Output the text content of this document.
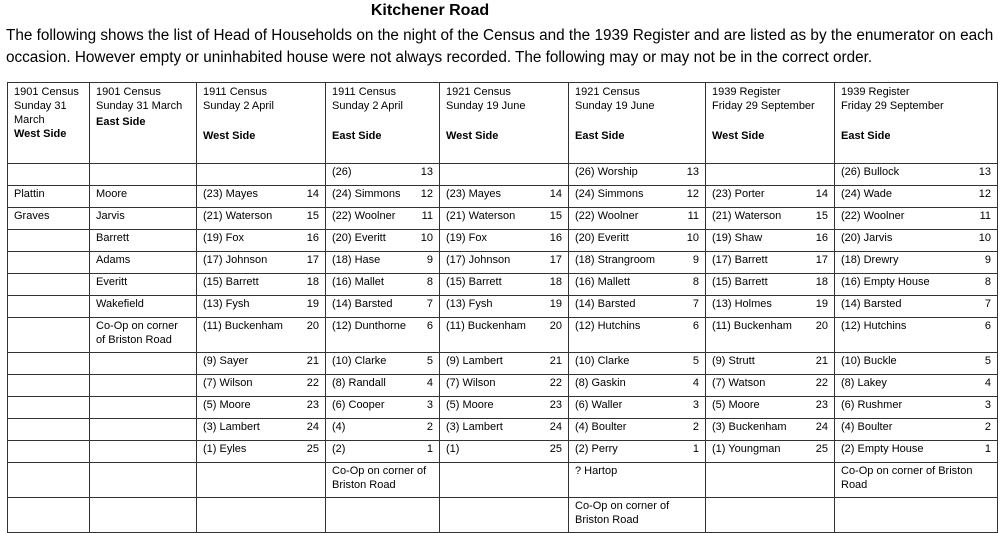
Kitchener Road
The following shows the list of Head of Households on the night of the Census and the 1939 Register and are listed as by the enumerator on each occasion. However empty or uninhabited house were not always recorded. The following may or may not be in the correct order.
1901 Census
Sunday 31
March
West Side	1901 Census
Sunday 31 March
East Side	1911 Census
Sunday 2 April
West Side	1911 Census
Sunday 2 April
East Side	1921 Census
Sunday 19 June
West Side	1921 Census
Sunday 19 June
East Side	1939 Register
Friday 29 September
West Side	1939 Register
Friday 29 September
East Side

			(26) 13		(26) Worship 13		(26) Bullock 13

Plattin	Moore	(23) Mayes 14	(24) Simmons 12	(23) Mayes 14	(24) Simmons 12	(23) Porter 14	(24) Wade 12

Graves	Jarvis	(21) Waterson 15	(22) Woolner 11	(21) Waterson 15	(22) Woolner 11	(21) Waterson 15	(22) Woolner 11

	Barrett	(19) Fox 16	(20) Everitt 10	(19) Fox 16	(20) Everitt 10	(19) Shaw 16	(20) Jarvis 10

	Adams	(17) Johnson 17	(18) Hase 9	(17) Johnson 17	(18) Strangroom 9	(17) Barrett 17	(18) Drewry 9

	Everitt	(15) Barrett 18	(16) Mallet 8	(15) Barrett 18	(16) Mallett 8	(15) Barrett 18	(16) Empty House 8

	Wakefield	(13) Fysh 19	(14) Barsted 7	(13) Fysh 19	(14) Barsted 7	(13) Holmes 19	(14) Barsted 7

	Co-Op on corner of Briston Road	(11) Buckenham 20	(12) Dunthorne 6	(11) Buckenham 20	(12) Hutchins 6	(11) Buckenham 20	(12) Hutchins 6

		(9) Sayer 21	(10) Clarke 5	(9) Lambert 21	(10) Clarke 5	(9) Strutt 21	(10) Buckle 5

		(7) Wilson 22	(8) Randall 4	(7) Wilson 22	(8) Gaskin 4	(7) Watson 22	(8) Lakey 4

		(5) Moore 23	(6) Cooper 3	(5) Moore 23	(6) Waller 3	(5) Moore 23	(6) Rushmer 3

		(3) Lambert 24	(4) 2	(3) Lambert 24	(4) Boulter 2	(3) Buckenham 24	(4) Boulter 2

		(1) Eyles 25	(2) 1	(1) 25	(2) Perry 1	(1) Youngman 25	(2) Empty House 1

			Co-Op on corner of Briston Road		? Hartop		Co-Op on corner of Briston Road

					Co-Op on corner of Briston Road		
